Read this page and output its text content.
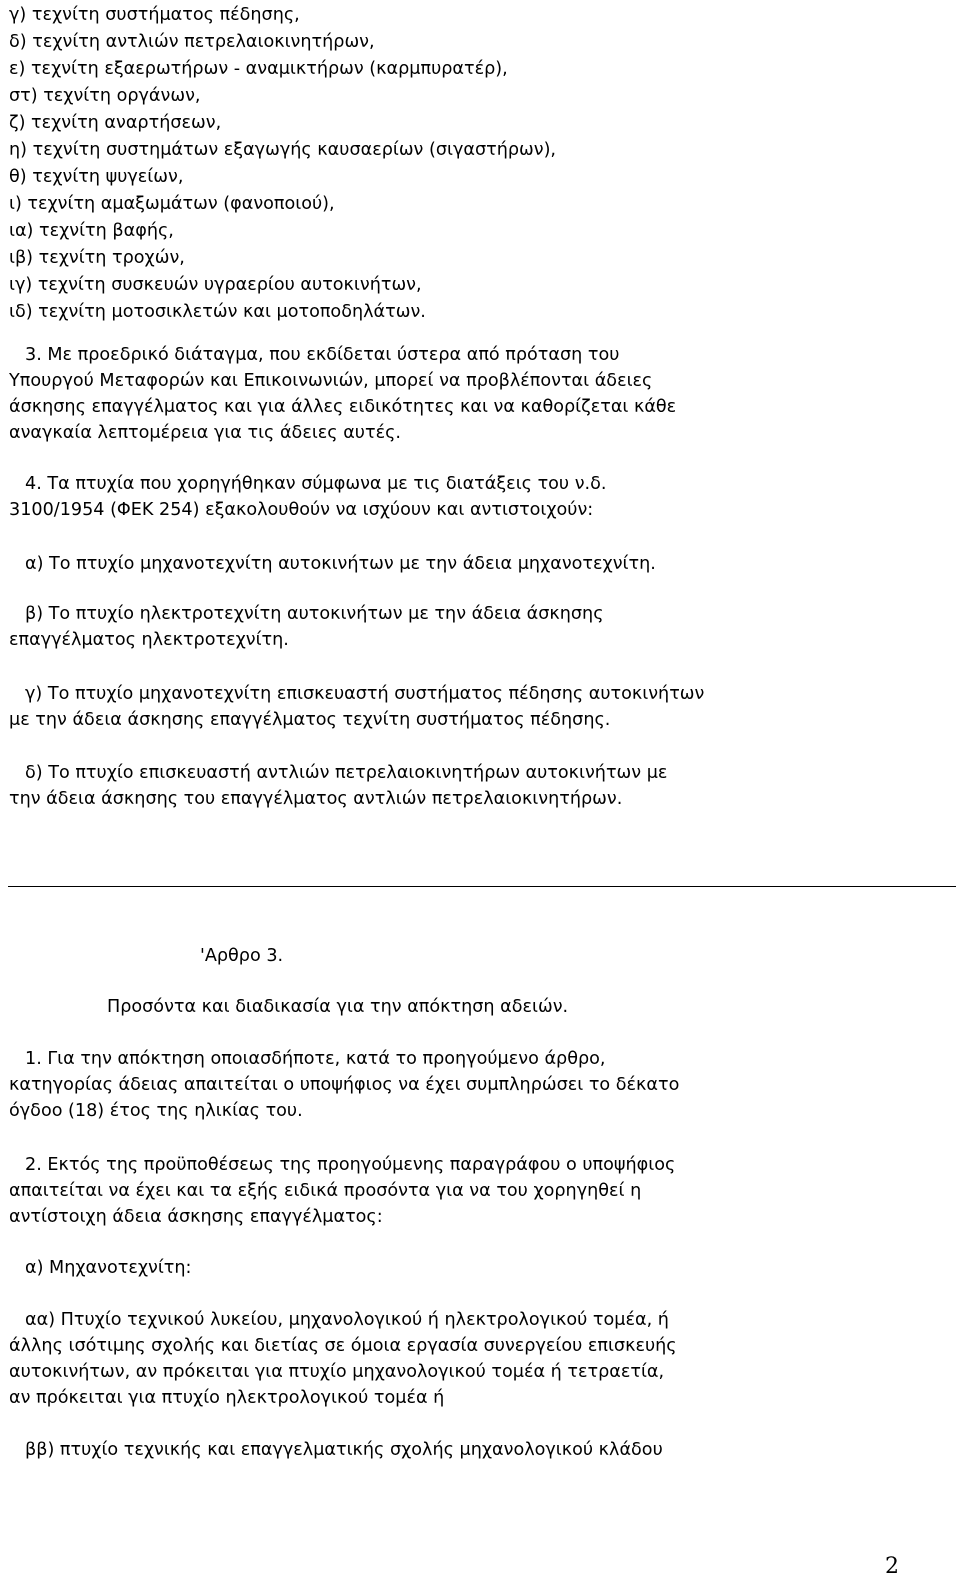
γ) τεχνίτη συστήματος πέδησης,
δ) τεχνίτη αντλιών πετρελαιοκινητήρων,
ε) τεχνίτη εξαερωτήρων - αναμικτήρων (καρμπυρατέρ),
στ) τεχνίτη οργάνων,
ζ) τεχνίτη αναρτήσεων,
η) τεχνίτη συστημάτων εξαγωγής καυσαερίων (σιγαστήρων),
θ) τεχνίτη ψυγείων,
ι) τεχνίτη αμαξωμάτων (φανοποιού),
ια) τεχνίτη βαφής,
ιβ) τεχνίτη τροχών,
ιγ) τεχνίτη συσκευών υγραερίου αυτοκινήτων,
ιδ) τεχνίτη μοτοσικλετών και μοτοποδηλάτων.
3. Με προεδρικό διάταγμα, που εκδίδεται ύστερα από πρόταση του
Υπουργού Μεταφορών και Επικοινωνιών, μπορεί να προβλέπονται άδειες
άσκησης επαγγέλματος και για άλλες ειδικότητες και να καθορίζεται κάθε
αναγκαία λεπτομέρεια για τις άδειες αυτές.
4. Τα πτυχία που χορηγήθηκαν σύμφωνα με τις διατάξεις του ν.δ.
3100/1954 (ΦΕΚ 254) εξακολουθούν να ισχύουν και αντιστοιχούν:
α) Το πτυχίο μηχανοτεχνίτη αυτοκινήτων με την άδεια μηχανοτεχνίτη.
β) Το πτυχίο ηλεκτροτεχνίτη αυτοκινήτων με την άδεια άσκησης
επαγγέλματος ηλεκτροτεχνίτη.
γ) Το πτυχίο μηχανοτεχνίτη επισκευαστή συστήματος πέδησης αυτοκινήτων
με την άδεια άσκησης επαγγέλματος τεχνίτη συστήματος πέδησης.
δ) Το πτυχίο επισκευαστή αντλιών πετρελαιοκινητήρων αυτοκινήτων με
την άδεια άσκησης του επαγγέλματος αντλιών πετρελαιοκινητήρων.
'Αρθρο 3.
Προσόντα και διαδικασία για την απόκτηση αδειών.
1. Για την απόκτηση οποιασδήποτε, κατά το προηγούμενο άρθρο,
κατηγορίας άδειας απαιτείται ο υποψήφιος να έχει συμπληρώσει το δέκατο
όγδοο (18) έτος της ηλικίας του.
2. Εκτός της προϋποθέσεως της προηγούμενης παραγράφου ο υποψήφιος
απαιτείται να έχει και τα εξής ειδικά προσόντα για να του χορηγηθεί η
αντίστοιχη άδεια άσκησης επαγγέλματος:
α) Μηχανοτεχνίτη:
αα) Πτυχίο τεχνικού λυκείου, μηχανολογικού ή ηλεκτρολογικού τομέα, ή
άλλης ισότιμης σχολής και διετίας σε όμοια εργασία συνεργείου επισκευής
αυτοκινήτων, αν πρόκειται για πτυχίο μηχανολογικού τομέα ή τετραετία,
αν πρόκειται για πτυχίο ηλεκτρολογικού τομέα ή
ββ) πτυχίο τεχνικής και επαγγελματικής σχολής μηχανολογικού κλάδου
2
